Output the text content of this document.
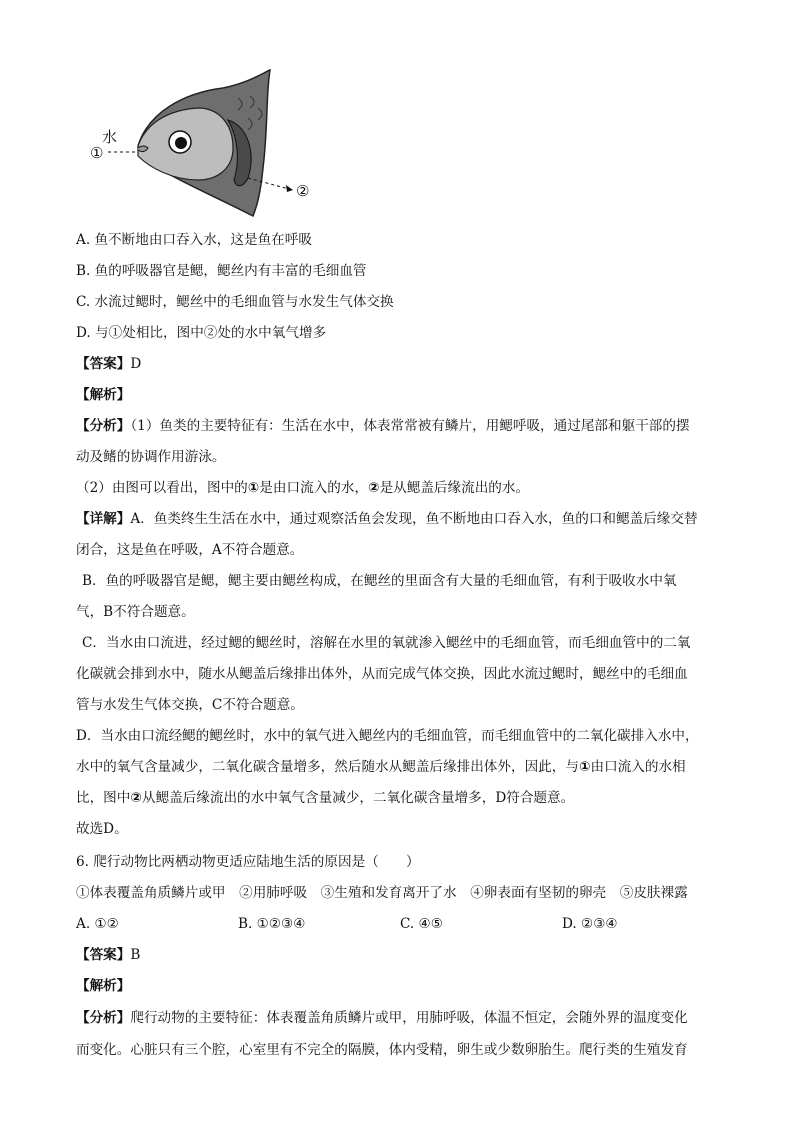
水
①
②
A. 鱼不断地由口吞入水，这是鱼在呼吸
B. 鱼的呼吸器官是鳃，鳃丝内有丰富的毛细血管
C. 水流过鳃时，鳃丝中的毛细血管与水发生气体交换
D. 与①处相比，图中②处的水中氧气增多
【答案】D
【解析】
【分析】（1）鱼类的主要特征有：生活在水中，体表常常被有鳞片，用鳃呼吸，通过尾部和躯干部的摆
动及鳍的协调作用游泳。
（2）由图可以看出，图中的①是由口流入的水，②是从鳃盖后缘流出的水。
【详解】A．鱼类终生生活在水中，通过观察活鱼会发现，鱼不断地由口吞入水，鱼的口和鳃盖后缘交替
闭合，这是鱼在呼吸，A不符合题意。
B．鱼的呼吸器官是鳃，鳃主要由鳃丝构成，在鳃丝的里面含有大量的毛细血管，有利于吸收水中氧
气，B不符合题意。
C．当水由口流进，经过鳃的鳃丝时，溶解在水里的氧就渗入鳃丝中的毛细血管，而毛细血管中的二氧
化碳就会排到水中，随水从鳃盖后缘排出体外，从而完成气体交换，因此水流过鳃时，鳃丝中的毛细血
管与水发生气体交换，C不符合题意。
D．当水由口流经鳃的鳃丝时，水中的氧气进入鳃丝内的毛细血管，而毛细血管中的二氧化碳排入水中，
水中的氧气含量减少，二氧化碳含量增多，然后随水从鳃盖后缘排出体外，因此，与①由口流入的水相
比，图中②从鳃盖后缘流出的水中氧气含量减少，二氧化碳含量增多，D符合题意。
故选D。
6. 爬行动物比两栖动物更适应陆地生活的原因是（　　）
①体表覆盖角质鳞片或甲　②用肺呼吸　③生殖和发育离开了水　④卵表面有坚韧的卵壳　⑤皮肤裸露
A. ①②	B. ①②③④	C. ④⑤	D. ②③④
【答案】B
【解析】
【分析】爬行动物的主要特征：体表覆盖角质鳞片或甲，用肺呼吸，体温不恒定，会随外界的温度变化
而变化。心脏只有三个腔，心室里有不完全的隔膜，体内受精，卵生或少数卵胎生。爬行类的生殖发育
